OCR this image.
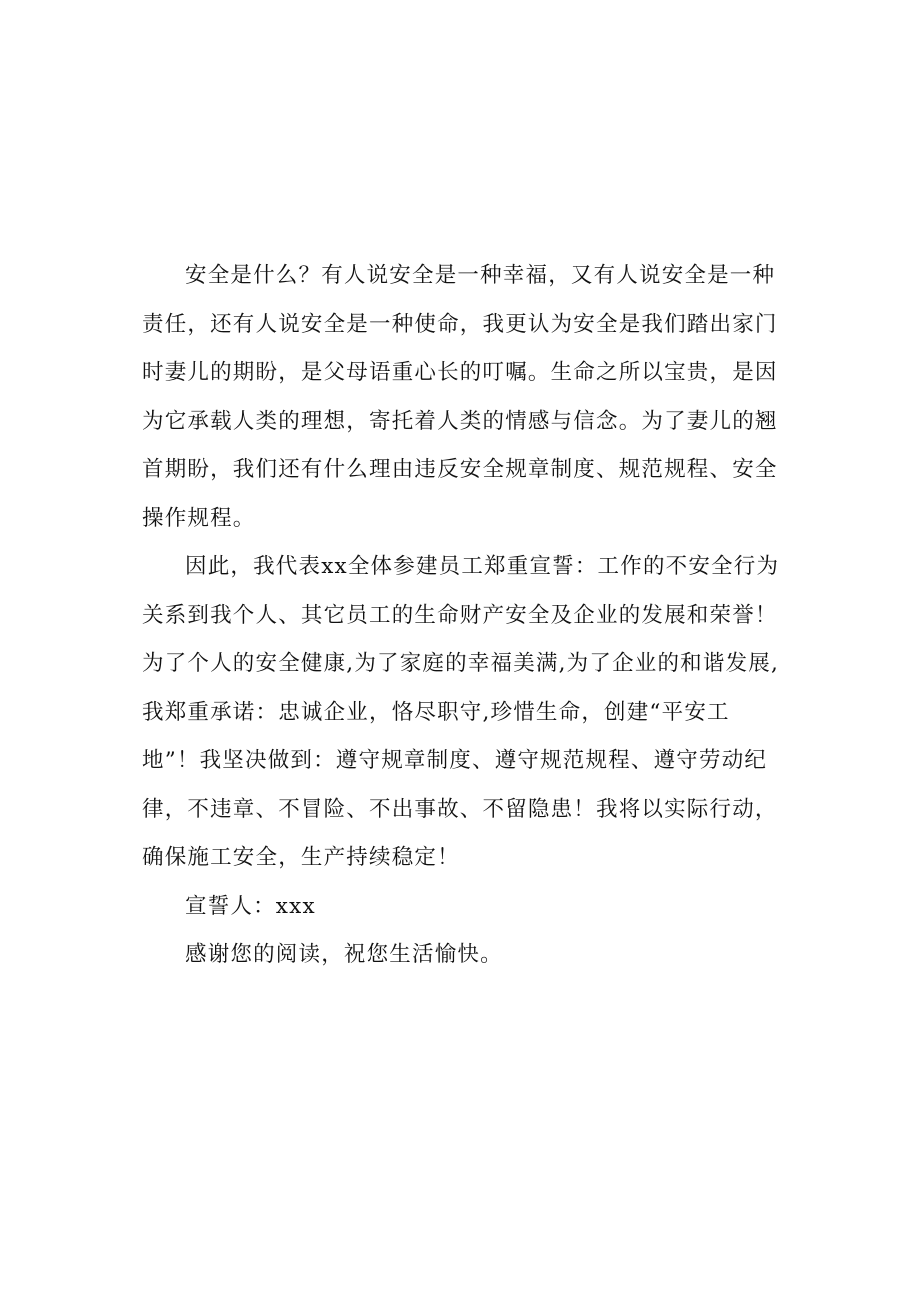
安全是什么？有人说安全是一种幸福，又有人说安全是一种
责任，还有人说安全是一种使命，我更认为安全是我们踏出家门
时妻儿的期盼，是父母语重心长的叮嘱。生命之所以宝贵，是因
为它承载人类的理想，寄托着人类的情感与信念。为了妻儿的翘
首期盼，我们还有什么理由违反安全规章制度、规范规程、安全
操作规程。

因此，我代表xx全体参建员工郑重宣誓：工作的不安全行为
关系到我个人、其它员工的生命财产安全及企业的发展和荣誉！
为了个人的安全健康,为了家庭的幸福美满,为了企业的和谐发展,
我郑重承诺：忠诚企业，恪尽职守,珍惜生命，创建“平安工
地”！我坚决做到：遵守规章制度、遵守规范规程、遵守劳动纪
律，不违章、不冒险、不出事故、不留隐患！我将以实际行动，
确保施工安全，生产持续稳定！

宣誓人：xxx

感谢您的阅读，祝您生活愉快。
